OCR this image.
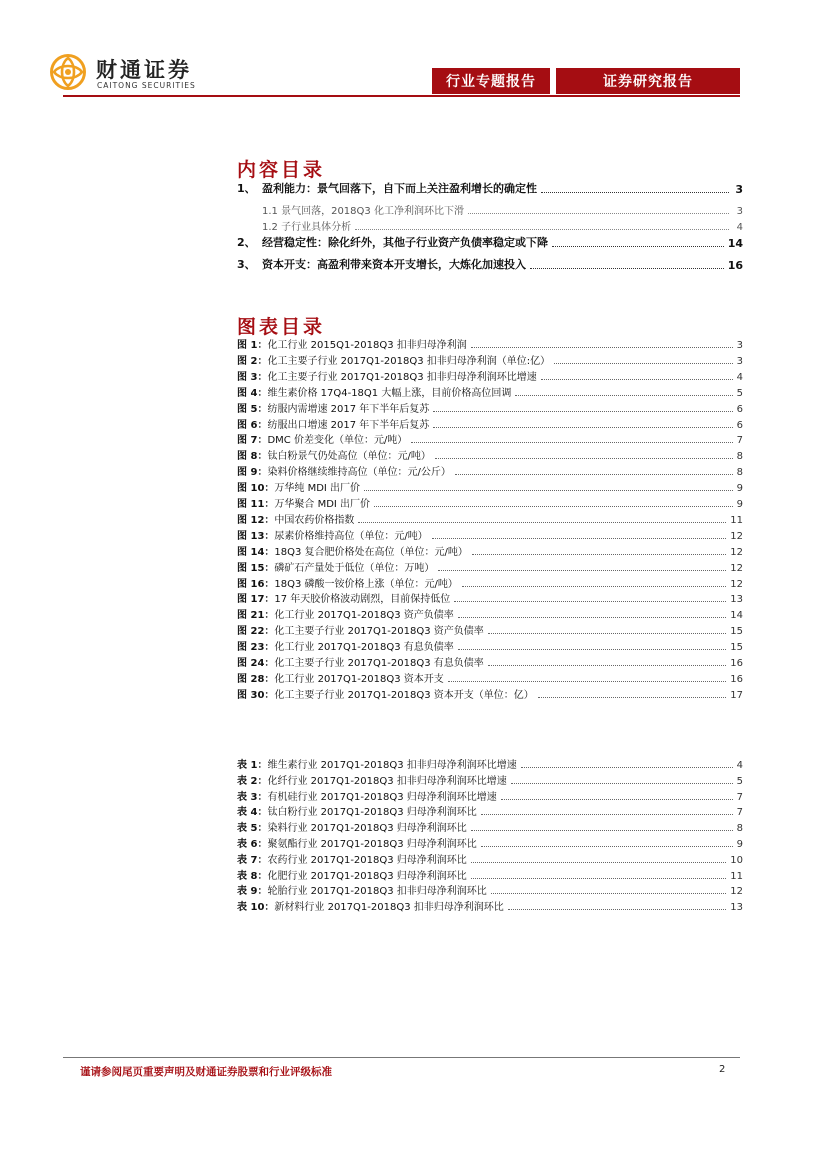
财通证券
CAITONG SECURITIES	行业专题报告	证券研究报告
内容目录
1、 盈利能力：景气回落下，自下而上关注盈利增长的确定性	3
1.1 景气回落，2018Q3 化工净利润环比下滑	3
1.2 子行业具体分析	4
2、 经营稳定性：除化纤外，其他子行业资产负债率稳定或下降	14
3、 资本开支：高盈利带来资本开支增长，大炼化加速投入	16
图表目录
图 1： 化工行业 2015Q1-2018Q3 扣非归母净利润	3
图 2： 化工主要子行业 2017Q1-2018Q3 扣非归母净利润（单位:亿）	3
图 3： 化工主要子行业 2017Q1-2018Q3 扣非归母净利润环比增速	4
图 4： 维生素价格 17Q4-18Q1 大幅上涨，目前价格高位回调	5
图 5： 纺服内需增速 2017 年下半年后复苏	6
图 6： 纺服出口增速 2017 年下半年后复苏	6
图 7： DMC 价差变化（单位：元/吨）	7
图 8： 钛白粉景气仍处高位（单位：元/吨）	8
图 9： 染料价格继续维持高位（单位：元/公斤）	8
图 10： 万华纯 MDI 出厂价	9
图 11： 万华聚合 MDI 出厂价	9
图 12： 中国农药价格指数	11
图 13： 尿素价格维持高位（单位：元/吨）	12
图 14： 18Q3 复合肥价格处在高位（单位：元/吨）	12
图 15： 磷矿石产量处于低位（单位：万吨）	12
图 16： 18Q3 磷酸一铵价格上涨（单位：元/吨）	12
图 17： 17 年天胶价格波动剧烈，目前保持低位	13
图 21： 化工行业 2017Q1-2018Q3 资产负债率	14
图 22： 化工主要子行业 2017Q1-2018Q3 资产负债率	15
图 23： 化工行业 2017Q1-2018Q3 有息负债率	15
图 24： 化工主要子行业 2017Q1-2018Q3 有息负债率	16
图 28： 化工行业 2017Q1-2018Q3 资本开支	16
图 30： 化工主要子行业 2017Q1-2018Q3 资本开支（单位：亿）	17
表 1： 维生素行业 2017Q1-2018Q3 扣非归母净利润环比增速	4
表 2： 化纤行业 2017Q1-2018Q3 扣非归母净利润环比增速	5
表 3： 有机硅行业 2017Q1-2018Q3 归母净利润环比增速	7
表 4： 钛白粉行业 2017Q1-2018Q3 归母净利润环比	7
表 5： 染料行业 2017Q1-2018Q3 归母净利润环比	8
表 6： 聚氨酯行业 2017Q1-2018Q3 归母净利润环比	9
表 7： 农药行业 2017Q1-2018Q3 归母净利润环比	10
表 8： 化肥行业 2017Q1-2018Q3 归母净利润环比	11
表 9： 轮胎行业 2017Q1-2018Q3 扣非归母净利润环比	12
表 10： 新材料行业 2017Q1-2018Q3 扣非归母净利润环比	13
谨请参阅尾页重要声明及财通证券股票和行业评级标准	2
